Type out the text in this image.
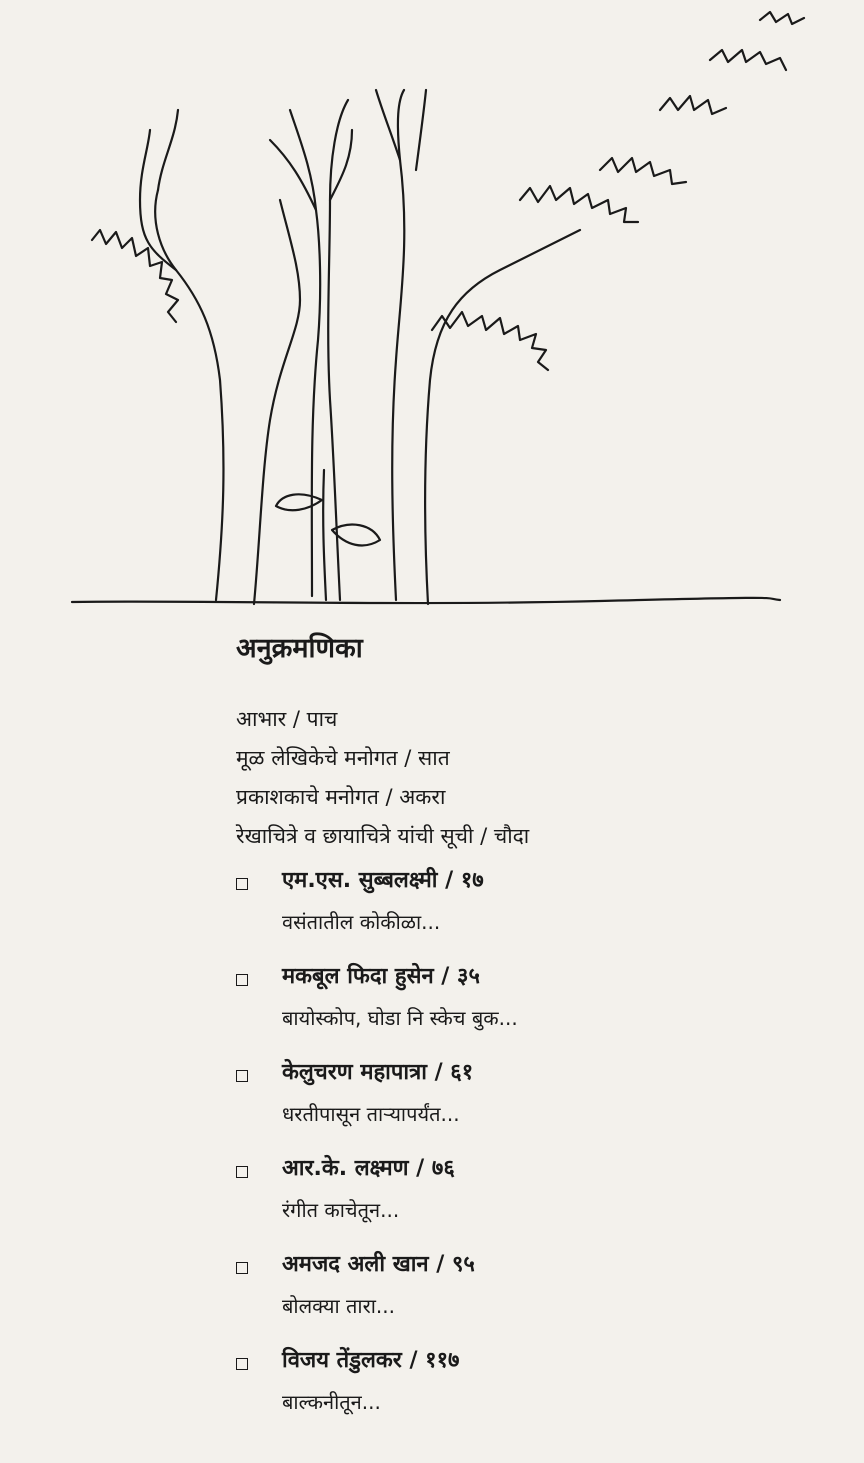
अनुक्रमणिका
आभार / पाच
मूळ लेखिकेचे मनोगत / सात
प्रकाशकाचे मनोगत / अकरा
रेखाचित्रे व छायाचित्रे यांची सूची / चौदा
एम.एस. सुब्बलक्ष्मी / १७
वसंतातील कोकीळा...
मकबूल फिदा हुसेन / ३५
बायोस्कोप, घोडा नि स्केच बुक...
केलुचरण महापात्रा / ६१
धरतीपासून ताऱ्यापर्यंत...
आर.के. लक्ष्मण / ७६
रंगीत काचेतून...
अमजद अली खान / ९५
बोलक्या तारा...
विजय तेंडुलकर / ११७
बाल्कनीतून...
